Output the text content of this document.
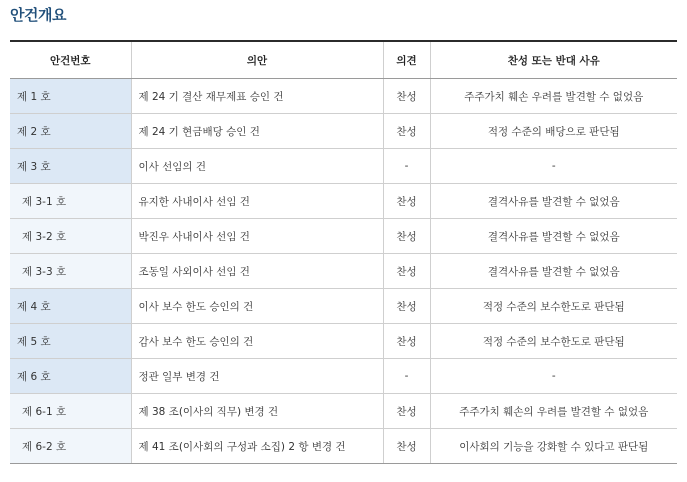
안건개요
안건번호	의안	의견	찬성 또는 반대 사유
제 1 호	제 24 기 결산 재무제표 승인 건	찬성	주주가치 훼손 우려를 발견할 수 없었음
제 2 호	제 24 기 현금배당 승인 건	찬성	적정 수준의 배당으로 판단됨
제 3 호	이사 선임의 건	-	-
제 3-1 호	유지한 사내이사 선임 건	찬성	결격사유를 발견할 수 없었음
제 3-2 호	박진우 사내이사 선임 건	찬성	결격사유를 발견할 수 없었음
제 3-3 호	조동일 사외이사 선임 건	찬성	결격사유를 발견할 수 없었음
제 4 호	이사 보수 한도 승인의 건	찬성	적정 수준의 보수한도로 판단됨
제 5 호	감사 보수 한도 승인의 건	찬성	적정 수준의 보수한도로 판단됨
제 6 호	정관 일부 변경 건	-	-
제 6-1 호	제 38 조(이사의 직무) 변경 건	찬성	주주가치 훼손의 우려를 발견할 수 없었음
제 6-2 호	제 41 조(이사회의 구성과 소집) 2 항 변경 건	찬성	이사회의 기능을 강화할 수 있다고 판단됨
